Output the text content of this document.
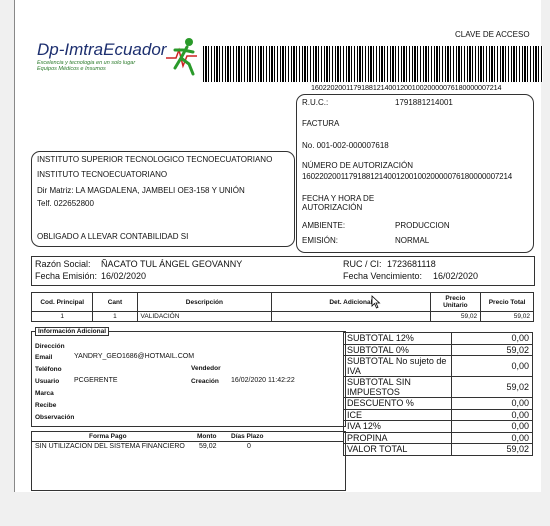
Dp-ImtraEcuador
Excelencia y tecnologia en un solo lugar
Equipos Médicos e Insumos
CLAVE DE ACCESO
1602202001179188121400120010020000076180000007214
INSTITUTO SUPERIOR TECNOLOGICO TECNOECUATORIANO
INSTITUTO TECNOECUATORIANO
Dir Matriz: LA MAGDALENA, JAMBELI OE3-158 Y UNIÓN
Telf. 022652800
OBLIGADO A LLEVAR CONTABILIDAD SI
R.U.C.:	1791881214001
FACTURA
No. 001-002-000007618
NÚMERO DE AUTORIZACIÓN
1602202001179188121400120010020000076180000007214
FECHA Y HORA DE
AUTORIZACIÓN
AMBIENTE:	PRODUCCION
EMISIÓN:	NORMAL
Razón Social: ÑACATO TUL ÁNGEL GEOVANNY	RUC / CI: 1723681118
Fecha Emisión: 16/02/2020	Fecha Vencimiento: 16/02/2020
Cod. Principal	Cant	Descripción	Det. Adicional	Precio Unitario	Precio Total
1	1	VALIDACIÓN		59,02	59,02
Información Adicional
Dirección
Email	YANDRY_GEO1686@HOTMAIL.COM
Teléfono	Vendedor
Usuario PCGERENTE	Creación 16/02/2020 11:42:22
Marca
Recibe
Observación
Forma Pago	Monto Días Plazo
SIN UTILIZACION DEL SISTEMA FINANCIERO 59,02	0
SUBTOTAL 12%	0,00
SUBTOTAL 0%	59,02
SUBTOTAL No sujeto de IVA	0,00
SUBTOTAL SIN IMPUESTOS	59,02
DESCUENTO %	0,00
ICE	0,00
IVA 12%	0,00
PROPINA	0,00
VALOR TOTAL	59,02
